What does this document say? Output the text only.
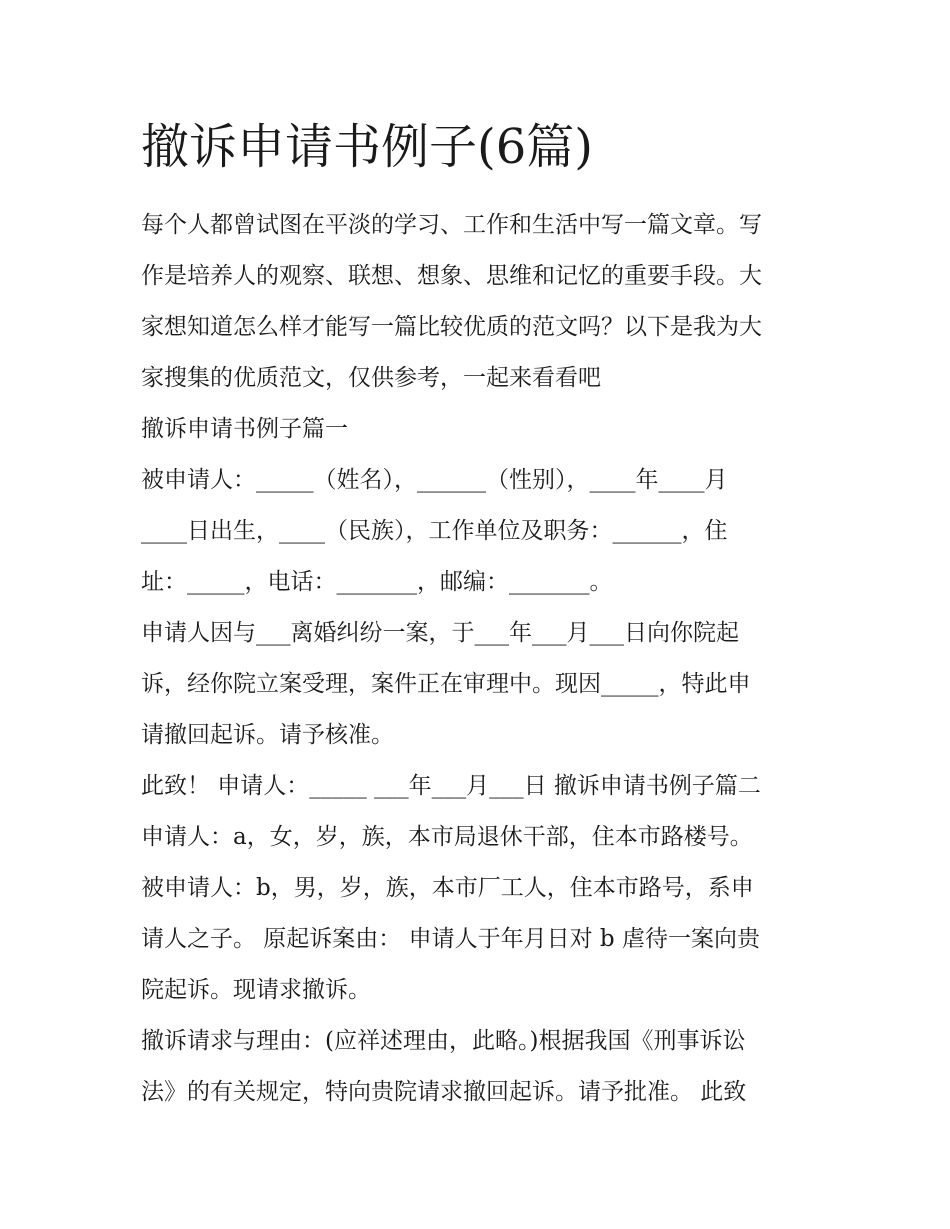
撤诉申请书例子(6篇)
每个人都曾试图在平淡的学习、工作和生活中写一篇文章。写
作是培养人的观察、联想、想象、思维和记忆的重要手段。大
家想知道怎么样才能写一篇比较优质的范文吗？以下是我为大
家搜集的优质范文，仅供参考，一起来看看吧
撤诉申请书例子篇一
被申请人：_____（姓名），______（性别），____年____月
____日出生，____（民族），工作单位及职务：______，住
址：_____，电话：_______，邮编：_______。
申请人因与___离婚纠纷一案，于___年___月___日向你院起
诉，经你院立案受理，案件正在审理中。现因_____，特此申
请撤回起诉。请予核准。
此致！ 申请人：_____ ___年___月___日 撤诉申请书例子篇二
申请人：a，女，岁，族，本市局退休干部，住本市路楼号。
被申请人：b，男，岁，族，本市厂工人，住本市路号，系申
请人之子。 原起诉案由： 申请人于年月日对 b 虐待一案向贵
院起诉。现请求撤诉。
撤诉请求与理由：(应祥述理由，此略。)根据我国《刑事诉讼
法》的有关规定，特向贵院请求撤回起诉。请予批准。 此致
